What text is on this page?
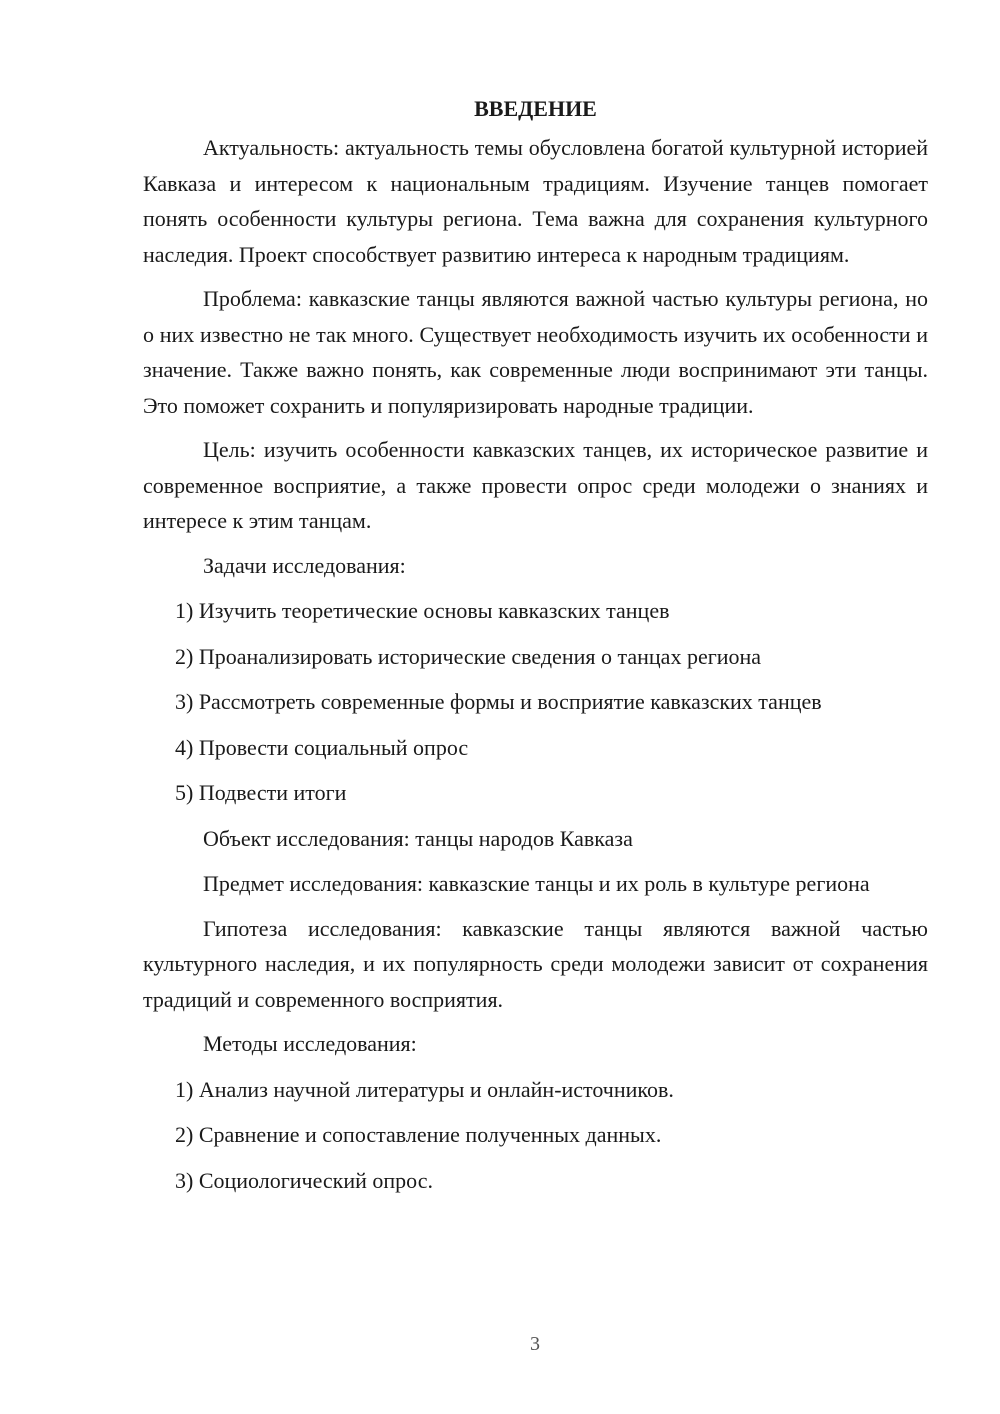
ВВЕДЕНИЕ

Актуальность: актуальность темы обусловлена богатой культурной историей Кавказа и интересом к национальным традициям. Изучение танцев помогает понять особенности культуры региона. Тема важна для сохранения культурного наследия. Проект способствует развитию интереса к народным традициям.

Проблема: кавказские танцы являются важной частью культуры региона, но о них известно не так много. Существует необходимость изучить их особенности и значение. Также важно понять, как современные люди воспринимают эти танцы. Это поможет сохранить и популяризировать народные традиции.

Цель: изучить особенности кавказских танцев, их историческое развитие и современное восприятие, а также провести опрос среди молодежи о знаниях и интересе к этим танцам.

Задачи исследования:

1) Изучить теоретические основы кавказских танцев
2) Проанализировать исторические сведения о танцах региона
3) Рассмотреть современные формы и восприятие кавказских танцев
4) Провести социальный опрос
5) Подвести итоги

Объект исследования: танцы народов Кавказа

Предмет исследования: кавказские танцы и их роль в культуре региона

Гипотеза исследования: кавказские танцы являются важной частью культурного наследия, и их популярность среди молодежи зависит от сохранения традиций и современного восприятия.

Методы исследования:

1) Анализ научной литературы и онлайн-источников.
2) Сравнение и сопоставление полученных данных.
3) Социологический опрос.
3
